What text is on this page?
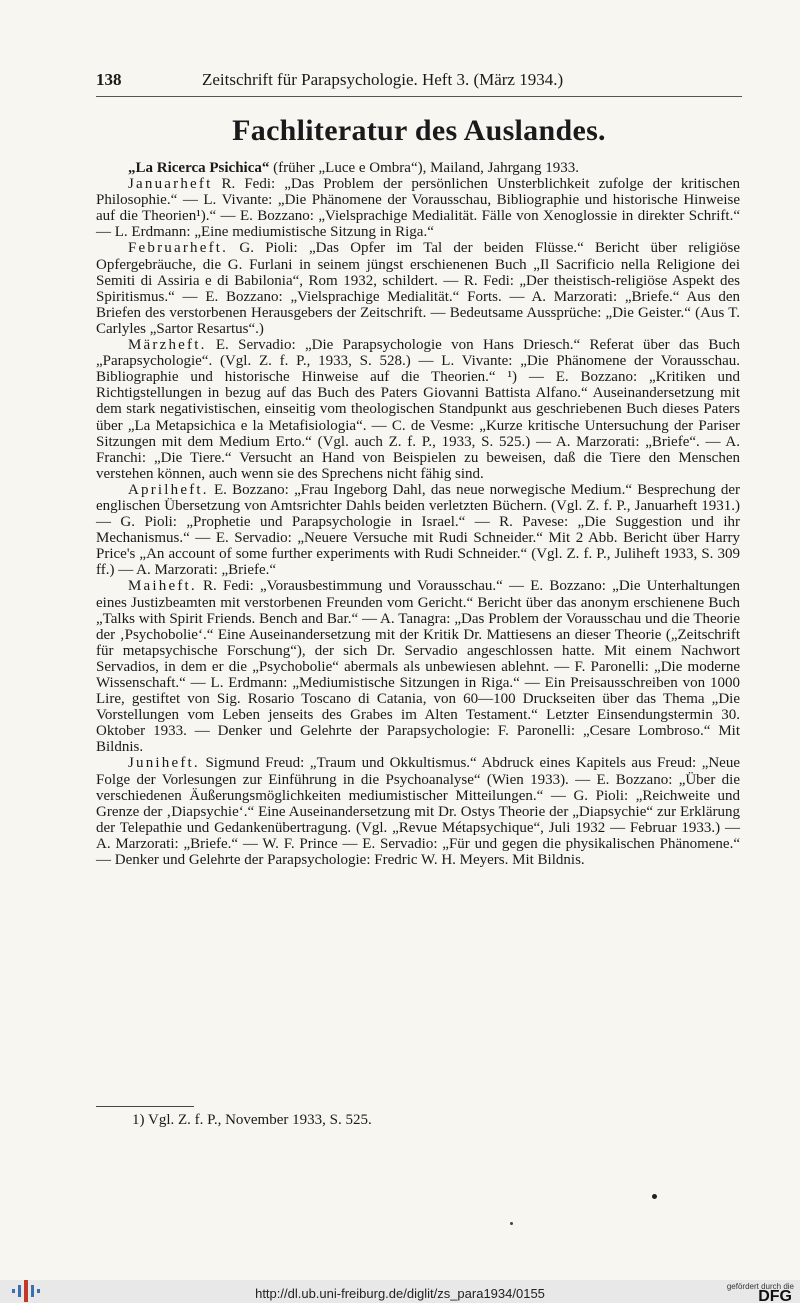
138	Zeitschrift für Parapsychologie. Heft 3. (März 1934.)
Fachliteratur des Auslandes.

„La Ricerca Psichica“ (früher „Luce e Ombra“), Mailand, Jahrgang 1933.

Januarheft R. Fedi: „Das Problem der persönlichen Unsterblichkeit zufolge der kritischen Philosophie.“ — L. Vivante: „Die Phänomene der Vorausschau, Bibliographie und historische Hinweise auf die Theorien¹).“ — E. Bozzano: „Vielsprachige Medialität. Fälle von Xenoglossie in direkter Schrift.“ — L. Erdmann: „Eine mediumistische Sitzung in Riga.“

Februarheft. G. Pioli: „Das Opfer im Tal der beiden Flüsse.“ Bericht über religiöse Opfergebräuche, die G. Furlani in seinem jüngst erschienenen Buch „Il Sacrificio nella Religione dei Semiti di Assiria e di Babilonia“, Rom 1932, schildert. — R. Fedi: „Der theistisch-religiöse Aspekt des Spiritismus.“ — E. Bozzano: „Vielsprachige Medialität.“ Forts. — A. Marzorati: „Briefe.“ Aus den Briefen des verstorbenen Herausgebers der Zeitschrift. — Bedeutsame Aussprüche: „Die Geister.“ (Aus T. Carlyles „Sartor Resartus“.)

Märzheft. E. Servadio: „Die Parapsychologie von Hans Driesch.“ Referat über das Buch „Parapsychologie“. (Vgl. Z. f. P., 1933, S. 528.) — L. Vivante: „Die Phänomene der Vorausschau. Bibliographie und historische Hinweise auf die Theorien.“ ¹) — E. Bozzano: „Kritiken und Richtigstellungen in bezug auf das Buch des Paters Giovanni Battista Alfano.“ Auseinandersetzung mit dem stark negativistischen, einseitig vom theologischen Standpunkt aus geschriebenen Buch dieses Paters über „La Metapsichica e la Metafisiologia“. — C. de Vesme: „Kurze kritische Untersuchung der Pariser Sitzungen mit dem Medium Erto.“ (Vgl. auch Z. f. P., 1933, S. 525.) — A. Marzorati: „Briefe“. — A. Franchi: „Die Tiere.“ Versucht an Hand von Beispielen zu beweisen, daß die Tiere den Menschen verstehen können, auch wenn sie des Sprechens nicht fähig sind.

Aprilheft. E. Bozzano: „Frau Ingeborg Dahl, das neue norwegische Medium.“ Besprechung der englischen Übersetzung von Amtsrichter Dahls beiden verletzten Büchern. (Vgl. Z. f. P., Januarheft 1931.) — G. Pioli: „Prophetie und Parapsychologie in Israel.“ — R. Pavese: „Die Suggestion und ihr Mechanismus.“ — E. Servadio: „Neuere Versuche mit Rudi Schneider.“ Mit 2 Abb. Bericht über Harry Price's „An account of some further experiments with Rudi Schneider.“ (Vgl. Z. f. P., Juliheft 1933, S. 309 ff.) — A. Marzorati: „Briefe.“

Maiheft. R. Fedi: „Vorausbestimmung und Vorausschau.“ — E. Bozzano: „Die Unterhaltungen eines Justizbeamten mit verstorbenen Freunden vom Gericht.“ Bericht über das anonym erschienene Buch „Talks with Spirit Friends. Bench and Bar.“ — A. Tanagra: „Das Problem der Vorausschau und die Theorie der ‚Psychobolie‘.“ Eine Auseinandersetzung mit der Kritik Dr. Mattiesens an dieser Theorie („Zeitschrift für metapsychische Forschung“), der sich Dr. Servadio angeschlossen hatte. Mit einem Nachwort Servadios, in dem er die „Psychobolie“ abermals als unbewiesen ablehnt. — F. Paronelli: „Die moderne Wissenschaft.“ — L. Erdmann: „Mediumistische Sitzungen in Riga.“ — Ein Preisausschreiben von 1000 Lire, gestiftet von Sig. Rosario Toscano di Catania, von 60—100 Druckseiten über das Thema „Die Vorstellungen vom Leben jenseits des Grabes im Alten Testament.“ Letzter Einsendungstermin 30. Oktober 1933. — Denker und Gelehrte der Parapsychologie: F. Paronelli: „Cesare Lombroso.“ Mit Bildnis.

Juniheft. Sigmund Freud: „Traum und Okkultismus.“ Abdruck eines Kapitels aus Freud: „Neue Folge der Vorlesungen zur Einführung in die Psychoanalyse“ (Wien 1933). — E. Bozzano: „Über die verschiedenen Äußerungsmöglichkeiten mediumistischer Mitteilungen.“ — G. Pioli: „Reichweite und Grenze der ‚Diapsychie‘.“ Eine Auseinandersetzung mit Dr. Ostys Theorie der „Diapsychie“ zur Erklärung der Telepathie und Gedankenübertragung. (Vgl. „Revue Métapsychique“, Juli 1932 — Februar 1933.) — A. Marzorati: „Briefe.“ — W. F. Prince — E. Servadio: „Für und gegen die physikalischen Phänomene.“ — Denker und Gelehrte der Parapsychologie: Fredric W. H. Meyers. Mit Bildnis.

1) Vgl. Z. f. P., November 1933, S. 525.
http://dl.ub.uni-freiburg.de/diglit/zs_para1934/0155	gefördert durch die
DFG
